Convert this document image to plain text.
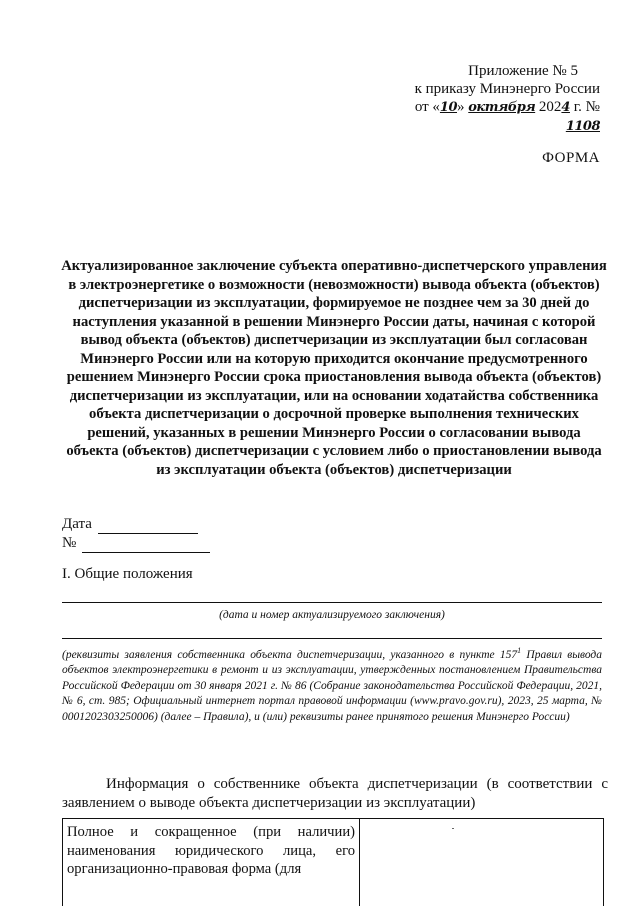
Приложение № 5
к приказу Минэнерго России
от «10» октября 2024 г. № 1108
ФОРМА
Актуализированное заключение субъекта оперативно-диспетчерского управления в электроэнергетике о возможности (невозможности) вывода объекта (объектов) диспетчеризации из эксплуатации, формируемое не позднее чем за 30 дней до наступления указанной в решении Минэнерго России даты, начиная с которой вывод объекта (объектов) диспетчеризации из эксплуатации был согласован Минэнерго России или на которую приходится окончание предусмотренного решением Минэнерго России срока приостановления вывода объекта (объектов) диспетчеризации из эксплуатации, или на основании ходатайства собственника объекта диспетчеризации о досрочной проверке выполнения технических решений, указанных в решении Минэнерго России о согласовании вывода объекта (объектов) диспетчеризации с условием либо о приостановлении вывода из эксплуатации объекта (объектов) диспетчеризации
Дата
№
I. Общие положения
(дата и номер актуализируемого заключения)
(реквизиты заявления собственника объекта диспетчеризации, указанного в пункте $157^1$ Правил вывода объектов электроэнергетики в ремонт и из эксплуатации, утвержденных постановлением Правительства Российской Федерации от 30 января 2021 г. № 86 (Собрание законодательства Российской Федерации, 2021, № 6, ст. 985; Официальный интернет портал правовой информации (www.pravo.gov.ru), 2023, 25 марта, № 0001202303250006) (далее – Правила), и (или) реквизиты ранее принятого решения Минэнерго России)
Информация о собственнике объекта диспетчеризации (в соответствии с заявлением о выводе объекта диспетчеризации из эксплуатации)
Полное и сокращенное (при наличии) наименования юридического лица, его организационно-правовая форма (для
